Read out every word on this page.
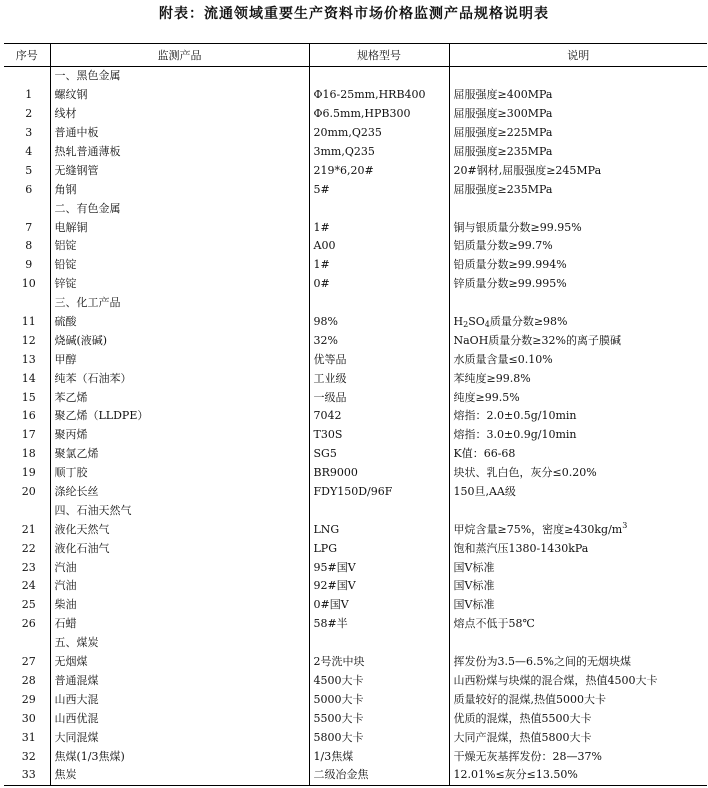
附表：流通领域重要生产资料市场价格监测产品规格说明表
序号	监测产品	规格型号	说明
	一、黑色金属		
1	螺纹钢	Φ16-25mm,HRB400	屈服强度≥400MPa
2	线材	Φ6.5mm,HPB300	屈服强度≥300MPa
3	普通中板	20mm,Q235	屈服强度≥225MPa
4	热轧普通薄板	3mm,Q235	屈服强度≥235MPa
5	无缝钢管	219*6,20#	20#钢材,屈服强度≥245MPa
6	角钢	5#	屈服强度≥235MPa
	二、有色金属		
7	电解铜	1#	铜与银质量分数≥99.95%
8	铝锭	A00	铝质量分数≥99.7%
9	铅锭	1#	铅质量分数≥99.994%
10	锌锭	0#	锌质量分数≥99.995%
	三、化工产品		
11	硫酸	98%	$H_2SO_4$质量分数≥98%
12	烧碱(液碱)	32%	NaOH质量分数≥32%的离子膜碱
13	甲醇	优等品	水质量含量≤0.10%
14	纯苯（石油苯）	工业级	苯纯度≥99.8%
15	苯乙烯	一级品	纯度≥99.5%
16	聚乙烯（LLDPE）	7042	熔指：2.0±0.5g/10min
17	聚丙烯	T30S	熔指：3.0±0.9g/10min
18	聚氯乙烯	SG5	K值：66-68
19	顺丁胶	BR9000	块状、乳白色，灰分≤0.20%
20	涤纶长丝	FDY150D/96F	150旦,AA级
	四、石油天然气		
21	液化天然气	LNG	甲烷含量≥75%，密度$\ge 430kg/m^3$
22	液化石油气	LPG	饱和蒸汽压1380-1430kPa
23	汽油	95#国Ⅴ	国Ⅴ标准
24	汽油	92#国Ⅴ	国Ⅴ标准
25	柴油	0#国Ⅴ	国Ⅴ标准
26	石蜡	58#半	熔点不低于58℃
	五、煤炭		
27	无烟煤	2号洗中块	挥发份为3.5—6.5%之间的无烟块煤
28	普通混煤	4500大卡	山西粉煤与块煤的混合煤，热值4500大卡
29	山西大混	5000大卡	质量较好的混煤,热值5000大卡
30	山西优混	5500大卡	优质的混煤，热值5500大卡
31	大同混煤	5800大卡	大同产混煤，热值5800大卡
32	焦煤(1/3焦煤)	1/3焦煤	干燥无灰基挥发份：28—37%
33	焦炭	二级冶金焦	12.01%≤灰分≤13.50%
